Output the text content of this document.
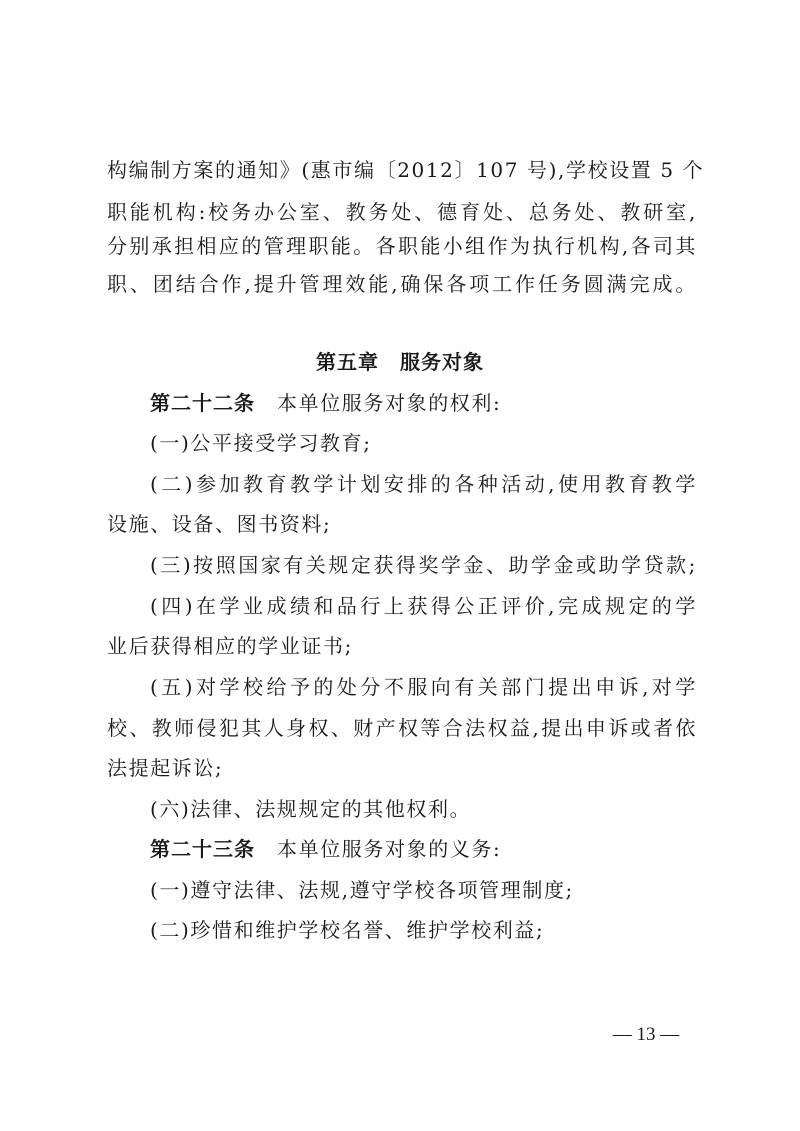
构编制方案的通知》(惠市编〔2012〕107 号),学校设置 5 个
职能机构:校务办公室、教务处、德育处、总务处、教研室,
分别承担相应的管理职能。各职能小组作为执行机构,各司其
职、团结合作,提升管理效能,确保各项工作任务圆满完成。
第五章　服务对象
第二十二条 本单位服务对象的权利:
(一)公平接受学习教育;
(二)参加教育教学计划安排的各种活动,使用教育教学
设施、设备、图书资料;
(三)按照国家有关规定获得奖学金、助学金或助学贷款;
(四)在学业成绩和品行上获得公正评价,完成规定的学
业后获得相应的学业证书;
(五)对学校给予的处分不服向有关部门提出申诉,对学
校、教师侵犯其人身权、财产权等合法权益,提出申诉或者依
法提起诉讼;
(六)法律、法规规定的其他权利。
第二十三条 本单位服务对象的义务:
(一)遵守法律、法规,遵守学校各项管理制度;
(二)珍惜和维护学校名誉、维护学校利益;
— 13 —
